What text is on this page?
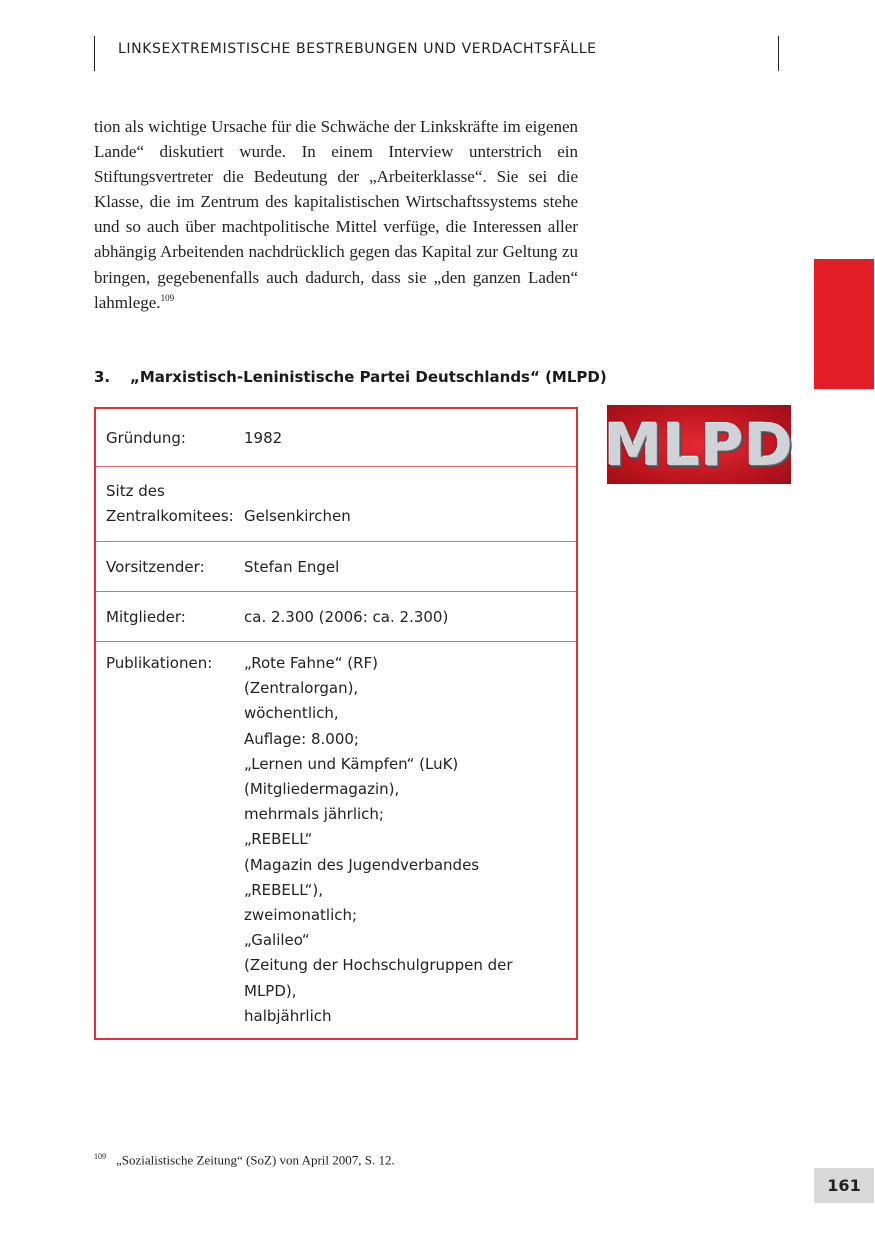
LINKSEXTREMISTISCHE BESTREBUNGEN UND VERDACHTSFÄLLE

tion als wichtige Ursache für die Schwäche der Linkskräfte im eigenen Lande“ diskutiert wurde. In einem Interview unterstrich ein Stiftungsvertreter die Bedeutung der „Arbeiterklasse“. Sie sei die Klasse, die im Zentrum des kapitalistischen Wirtschaftssystems stehe und so auch über machtpolitische Mittel verfüge, die Interessen aller abhängig Arbeitenden nachdrücklich gegen das Kapital zur Geltung zu bringen, gegebenenfalls auch dadurch, dass sie „den ganzen Laden“ lahmlege.$^{109}$

3. „Marxistisch-Leninistische Partei Deutschlands“ (MLPD)
Gründung:	1982
Sitz des
Zentralkomitees: Gelsenkirchen
Vorsitzender:	Stefan Engel
Mitglieder:	ca. 2.300 (2006: ca. 2.300)
Publikationen:	„Rote Fahne“ (RF)
(Zentralorgan),
wöchentlich,
Auflage: 8.000;
„Lernen und Kämpfen“ (LuK)
(Mitgliedermagazin),
mehrmals jährlich;
„REBELL“
(Magazin des Jugendverbandes
„REBELL“),
zweimonatlich;
„Galileo“
(Zeitung der Hochschulgruppen der
MLPD),
halbjährlich
MLPD
$^{109}$ „Sozialistische Zeitung“ (SoZ) von April 2007, S. 12.
161
